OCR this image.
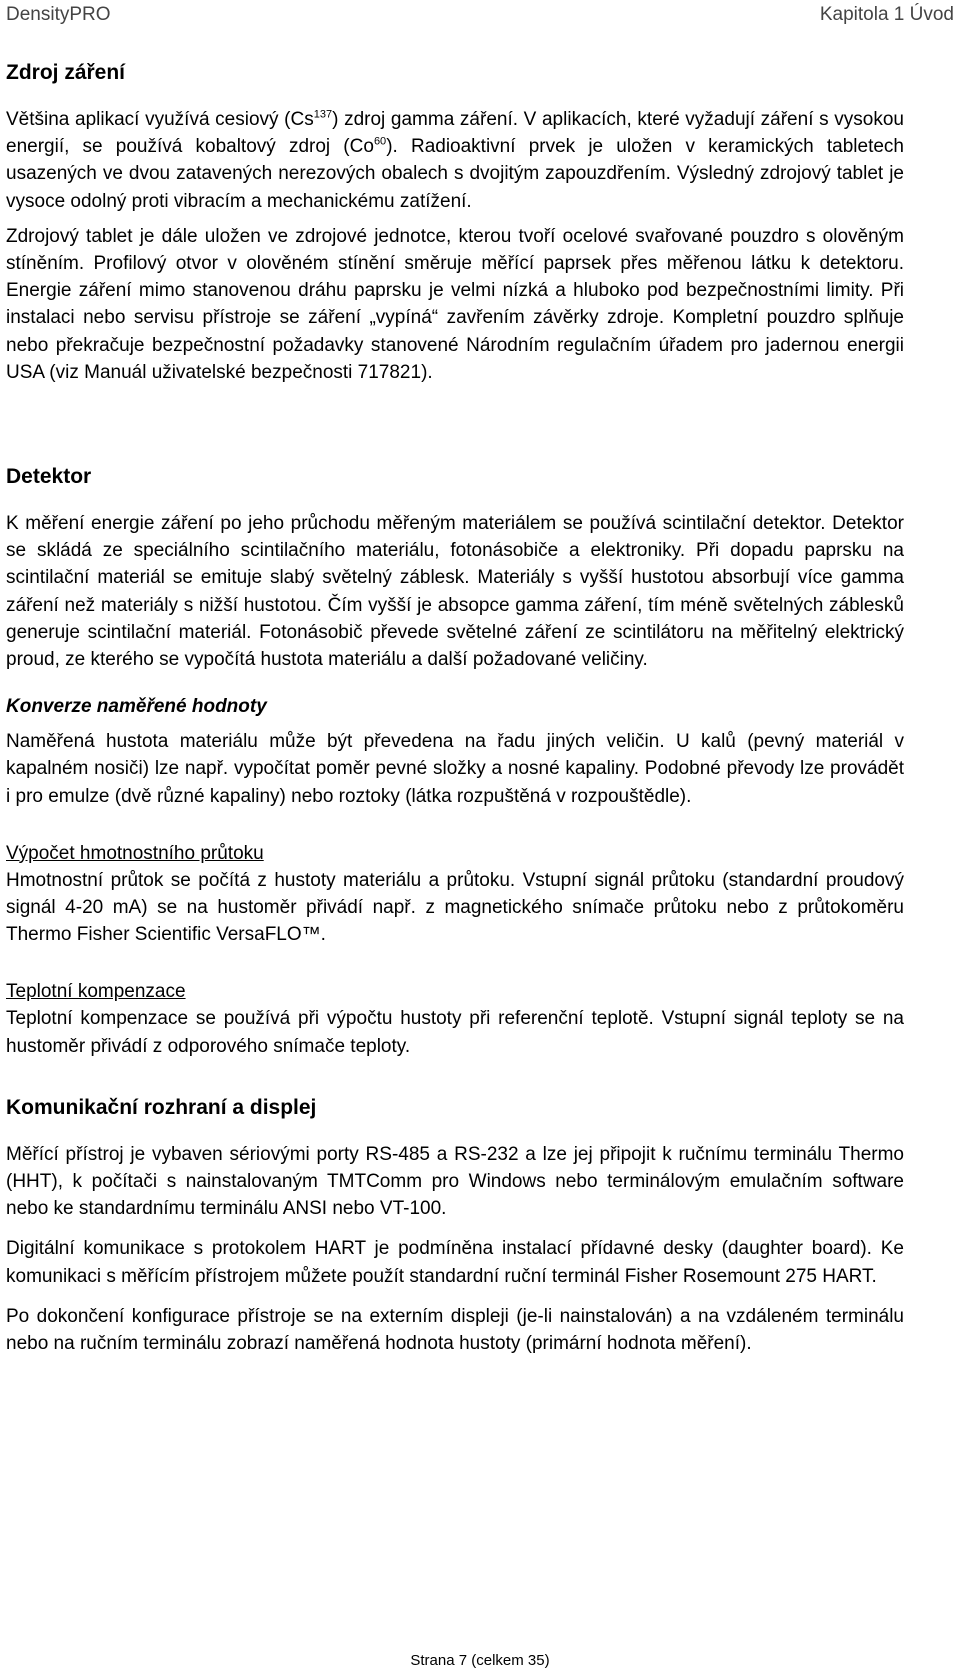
DensityPRO	Kapitola 1 Úvod
Zdroj záření

Většina aplikací využívá cesiový (Cs$^{137}$) zdroj gamma záření. V aplikacích, které vyžadují záření s vysokou energií, se používá kobaltový zdroj (Co$^{60}$). Radioaktivní prvek je uložen v keramických tabletech usazených ve dvou zatavených nerezových obalech s dvojitým zapouzdřením. Výsledný zdrojový tablet je vysoce odolný proti vibracím a mechanickému zatížení.

Zdrojový tablet je dále uložen ve zdrojové jednotce, kterou tvoří ocelové svařované pouzdro s olověným stíněním. Profilový otvor v olověném stínění směruje měřící paprsek přes měřenou látku k detektoru. Energie záření mimo stanovenou dráhu paprsku je velmi nízká a hluboko pod bezpečnostními limity. Při instalaci nebo servisu přístroje se záření „vypíná“ zavřením závěrky zdroje. Kompletní pouzdro splňuje nebo překračuje bezpečnostní požadavky stanovené Národním regulačním úřadem pro jadernou energii USA (viz Manuál uživatelské bezpečnosti 717821).

Detektor

K měření energie záření po jeho průchodu měřeným materiálem se používá scintilační detektor. Detektor se skládá ze speciálního scintilačního materiálu, fotonásobiče a elektroniky. Při dopadu paprsku na scintilační materiál se emituje slabý světelný záblesk. Materiály s vyšší hustotou absorbují více gamma záření než materiály s nižší hustotou. Čím vyšší je absopce gamma záření, tím méně světelných záblesků generuje scintilační materiál. Fotonásobič převede světelné záření ze scintilátoru na měřitelný elektrický proud, ze kterého se vypočítá hustota materiálu a další požadované veličiny.

Konverze naměřené hodnoty

Naměřená hustota materiálu může být převedena na řadu jiných veličin. U kalů (pevný materiál v kapalném nosiči) lze např. vypočítat poměr pevné složky a nosné kapaliny. Podobné převody lze provádět i pro emulze (dvě různé kapaliny) nebo roztoky (látka rozpuštěná v rozpouštědle).

Výpočet hmotnostního průtoku

Hmotnostní průtok se počítá z hustoty materiálu a průtoku. Vstupní signál průtoku (standardní proudový signál 4-20 mA) se na hustoměr přivádí např. z magnetického snímače průtoku nebo z průtokoměru Thermo Fisher Scientific VersaFLO™.

Teplotní kompenzace

Teplotní kompenzace se používá při výpočtu hustoty při referenční teplotě. Vstupní signál teploty se na hustoměr přivádí z odporového snímače teploty.

Komunikační rozhraní a displej

Měřící přístroj je vybaven sériovými porty RS-485 a RS-232 a lze jej připojit k ručnímu terminálu Thermo (HHT), k počítači s nainstalovaným TMTComm pro Windows nebo terminálovým emulačním software nebo ke standardnímu terminálu ANSI nebo VT-100.

Digitální komunikace s protokolem HART je podmíněna instalací přídavné desky (daughter board). Ke komunikaci s měřícím přístrojem můžete použít standardní ruční terminál Fisher Rosemount 275 HART.

Po dokončení konfigurace přístroje se na externím displeji (je-li nainstalován) a na vzdáleném terminálu nebo na ručním terminálu zobrazí naměřená hodnota hustoty (primární hodnota měření).

Strana 7 (celkem 35)
